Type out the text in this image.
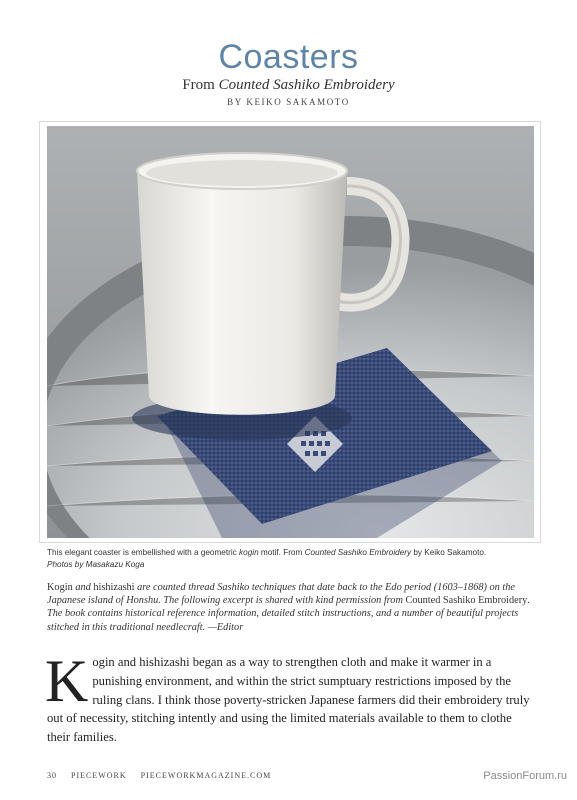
Coasters
From Counted Sashiko Embroidery
BY KEIKO SAKAMOTO
This elegant coaster is embellished with a geometric kogin motif. From Counted Sashiko Embroidery by Keiko Sakamoto.
Photos by Masakazu Koga
Kogin and hishizashi are counted thread Sashiko techniques that date back to the Edo period (1603–1868) on the Japanese island of Honshu. The following excerpt is shared with kind permission from Counted Sashiko Embroidery. The book contains historical reference information, detailed stitch instructions, and a number of beautiful projects stitched in this traditional needlecraft. —Editor
Kogin and hishizashi began as a way to strengthen cloth and make it warmer in a punishing environment, and within the strict sumptuary restrictions imposed by the ruling clans. I think those poverty-stricken Japanese farmers did their embroidery truly out of necessity, stitching intently and using the limited materials available to them to clothe their families.
30 PIECEWORK PIECEWORKMAGAZINE.COM	PassionForum.ru
